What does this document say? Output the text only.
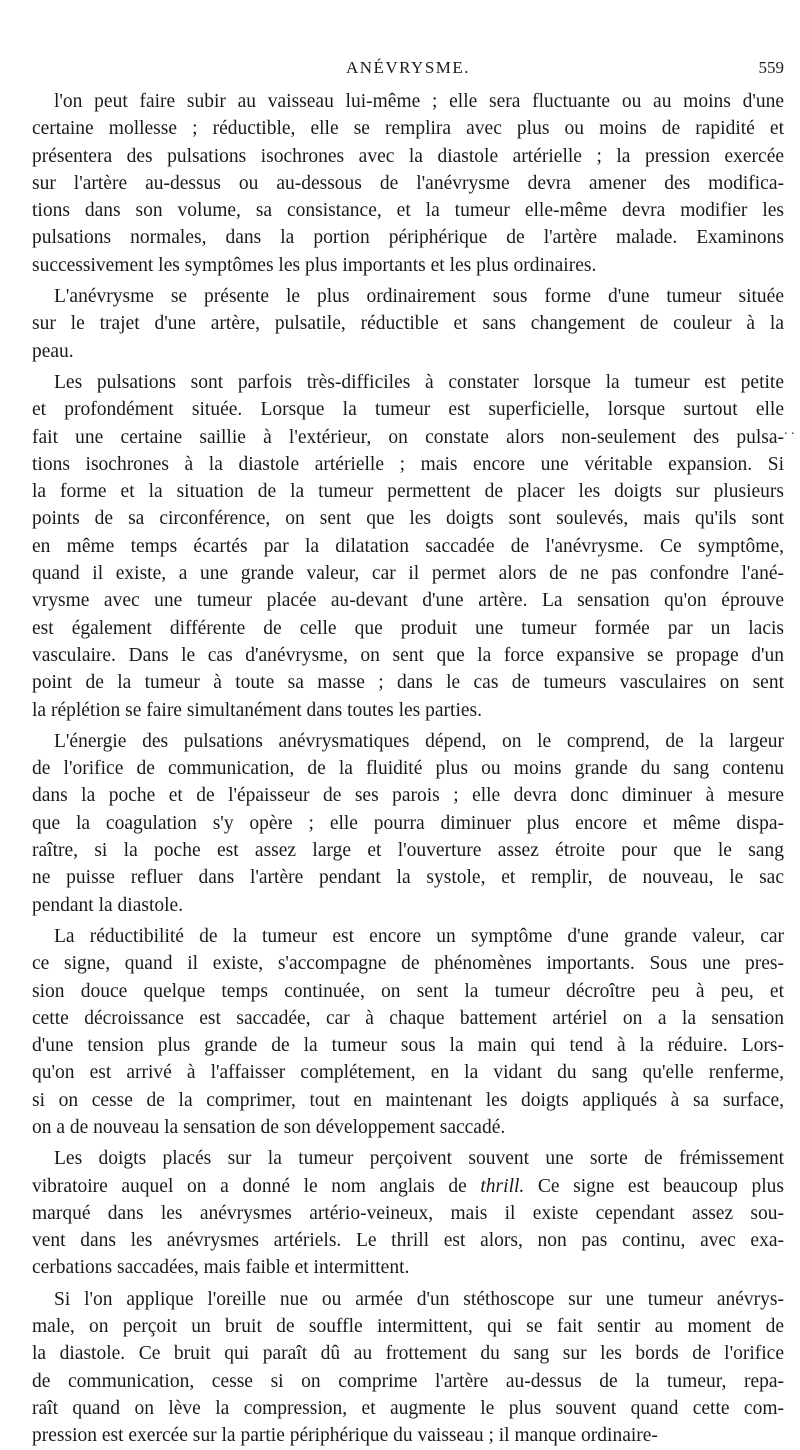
ANÉVRYSME.	559
l'on peut faire subir au vaisseau lui-même ; elle sera fluctuante ou au moins d'une
certaine mollesse ; réductible, elle se remplira avec plus ou moins de rapidité et
présentera des pulsations isochrones avec la diastole artérielle ; la pression exercée
sur l'artère au-dessus ou au-dessous de l'anévrysme devra amener des modifica-
tions dans son volume, sa consistance, et la tumeur elle-même devra modifier les
pulsations normales, dans la portion périphérique de l'artère malade. Examinons
successivement les symptômes les plus importants et les plus ordinaires.
L'anévrysme se présente le plus ordinairement sous forme d'une tumeur située
sur le trajet d'une artère, pulsatile, réductible et sans changement de couleur à la
peau.
Les pulsations sont parfois très-difficiles à constater lorsque la tumeur est petite
et profondément située. Lorsque la tumeur est superficielle, lorsque surtout elle
fait une certaine saillie à l'extérieur, on constate alors non-seulement des pulsa-
tions isochrones à la diastole artérielle ; mais encore une véritable expansion. Si
la forme et la situation de la tumeur permettent de placer les doigts sur plusieurs
points de sa circonférence, on sent que les doigts sont soulevés, mais qu'ils sont
en même temps écartés par la dilatation saccadée de l'anévrysme. Ce symptôme,
quand il existe, a une grande valeur, car il permet alors de ne pas confondre l'ané-
vrysme avec une tumeur placée au-devant d'une artère. La sensation qu'on éprouve
est également différente de celle que produit une tumeur formée par un lacis
vasculaire. Dans le cas d'anévrysme, on sent que la force expansive se propage d'un
point de la tumeur à toute sa masse ; dans le cas de tumeurs vasculaires on sent
la réplétion se faire simultanément dans toutes les parties.
L'énergie des pulsations anévrysmatiques dépend, on le comprend, de la largeur
de l'orifice de communication, de la fluidité plus ou moins grande du sang contenu
dans la poche et de l'épaisseur de ses parois ; elle devra donc diminuer à mesure
que la coagulation s'y opère ; elle pourra diminuer plus encore et même dispa-
raître, si la poche est assez large et l'ouverture assez étroite pour que le sang
ne puisse refluer dans l'artère pendant la systole, et remplir, de nouveau, le sac
pendant la diastole.
La réductibilité de la tumeur est encore un symptôme d'une grande valeur, car
ce signe, quand il existe, s'accompagne de phénomènes importants. Sous une pres-
sion douce quelque temps continuée, on sent la tumeur décroître peu à peu, et
cette décroissance est saccadée, car à chaque battement artériel on a la sensation
d'une tension plus grande de la tumeur sous la main qui tend à la réduire. Lors-
qu'on est arrivé à l'affaisser complétement, en la vidant du sang qu'elle renferme,
si on cesse de la comprimer, tout en maintenant les doigts appliqués à sa surface,
on a de nouveau la sensation de son développement saccadé.
Les doigts placés sur la tumeur perçoivent souvent une sorte de frémissement
vibratoire auquel on a donné le nom anglais de thrill. Ce signe est beaucoup plus
marqué dans les anévrysmes artério-veineux, mais il existe cependant assez sou-
vent dans les anévrysmes artériels. Le thrill est alors, non pas continu, avec exa-
cerbations saccadées, mais faible et intermittent.
Si l'on applique l'oreille nue ou armée d'un stéthoscope sur une tumeur anévrys-
male, on perçoit un bruit de souffle intermittent, qui se fait sentir au moment de
la diastole. Ce bruit qui paraît dû au frottement du sang sur les bords de l'orifice
de communication, cesse si on comprime l'artère au-dessus de la tumeur, repa-
raît quand on lève la compression, et augmente le plus souvent quand cette com-
pression est exercée sur la partie périphérique du vaisseau ; il manque ordinaire-
. .
